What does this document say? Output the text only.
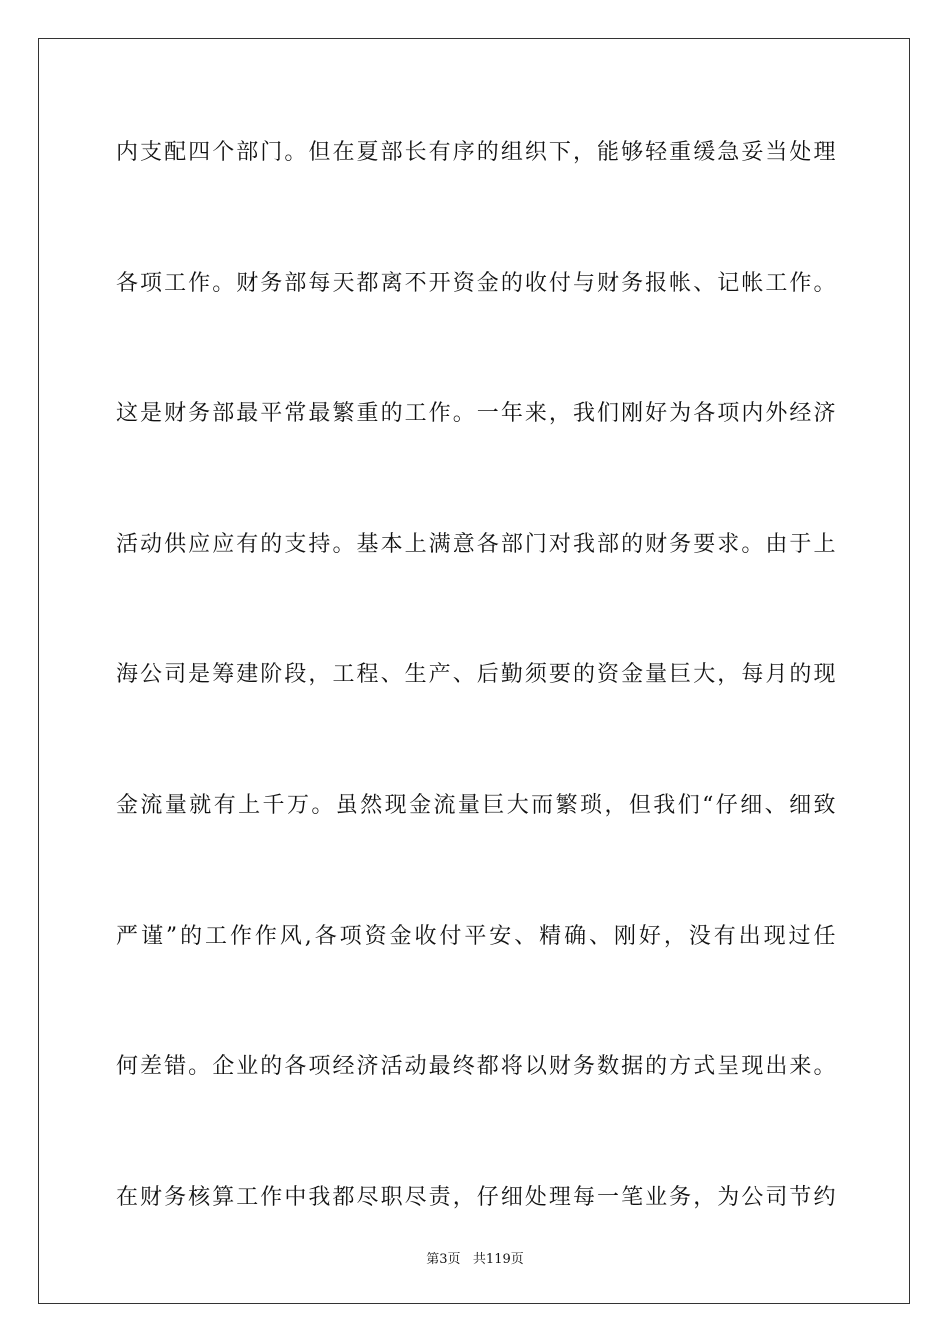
内支配四个部门。但在夏部长有序的组织下，能够轻重缓急妥当处理
各项工作。财务部每天都离不开资金的收付与财务报帐、记帐工作。
这是财务部最平常最繁重的工作。一年来，我们刚好为各项内外经济
活动供应应有的支持。基本上满意各部门对我部的财务要求。由于上
海公司是筹建阶段，工程、生产、后勤须要的资金量巨大，每月的现
金流量就有上千万。虽然现金流量巨大而繁琐，但我们“仔细、细致
严谨”的工作作风,各项资金收付平安、精确、刚好，没有出现过任
何差错。企业的各项经济活动最终都将以财务数据的方式呈现出来。
在财务核算工作中我都尽职尽责，仔细处理每一笔业务，为公司节约
第3页   共119页
